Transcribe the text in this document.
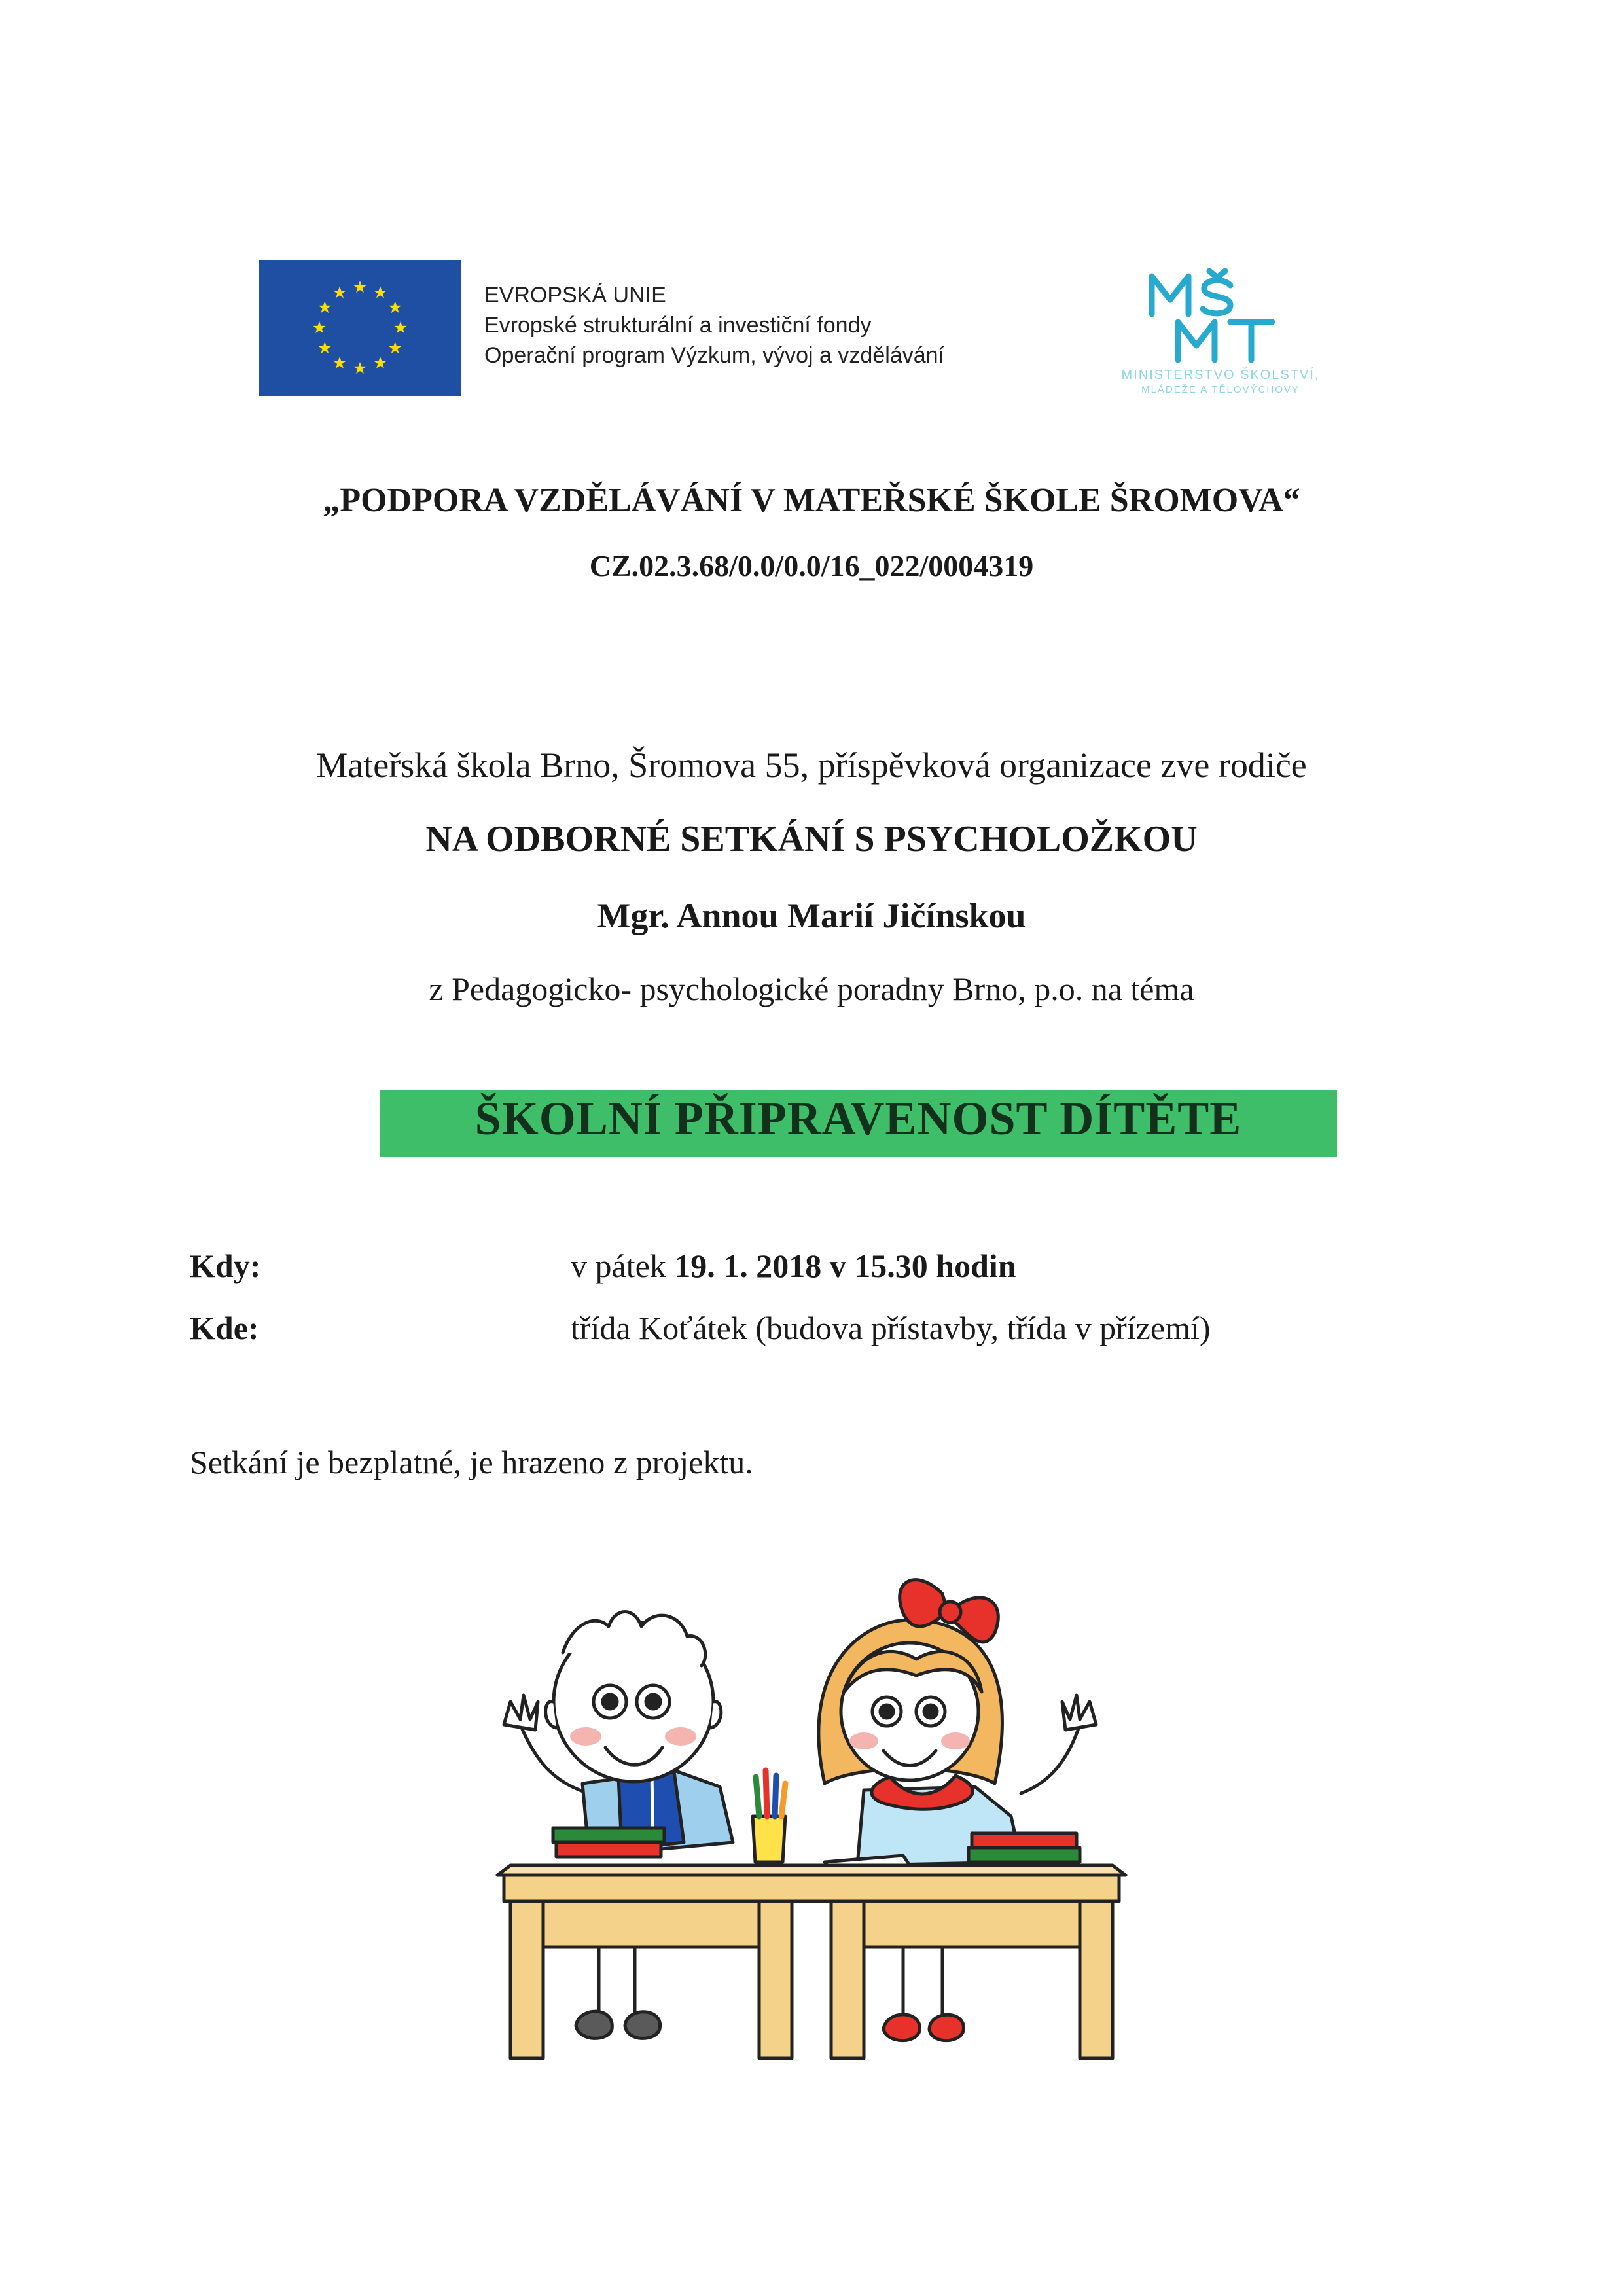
EVROPSKÁ UNIE
Evropské strukturální a investiční fondy
Operační program Výzkum, vývoj a vzdělávání
MINISTERSTVO ŠKOLSTVÍ,
MLÁDEŽE A TĚLOVÝCHOVY
„PODPORA VZDĚLÁVÁNÍ V MATEŘSKÉ ŠKOLE ŠROMOVA“
CZ.02.3.68/0.0/0.0/16_022/0004319
Mateřská škola Brno, Šromova 55, příspěvková organizace zve rodiče
NA ODBORNÉ SETKÁNÍ S PSYCHOLOŽKOU
Mgr. Annou Marií Jičínskou
z Pedagogicko- psychologické poradny Brno, p.o. na téma
ŠKOLNÍ PŘIPRAVENOST DÍTĚTE
Kdy:	v pátek 19. 1. 2018 v 15.30 hodin
Kde:	třída Koťátek (budova přístavby, třída v přízemí)
Setkání je bezplatné, je hrazeno z projektu.
